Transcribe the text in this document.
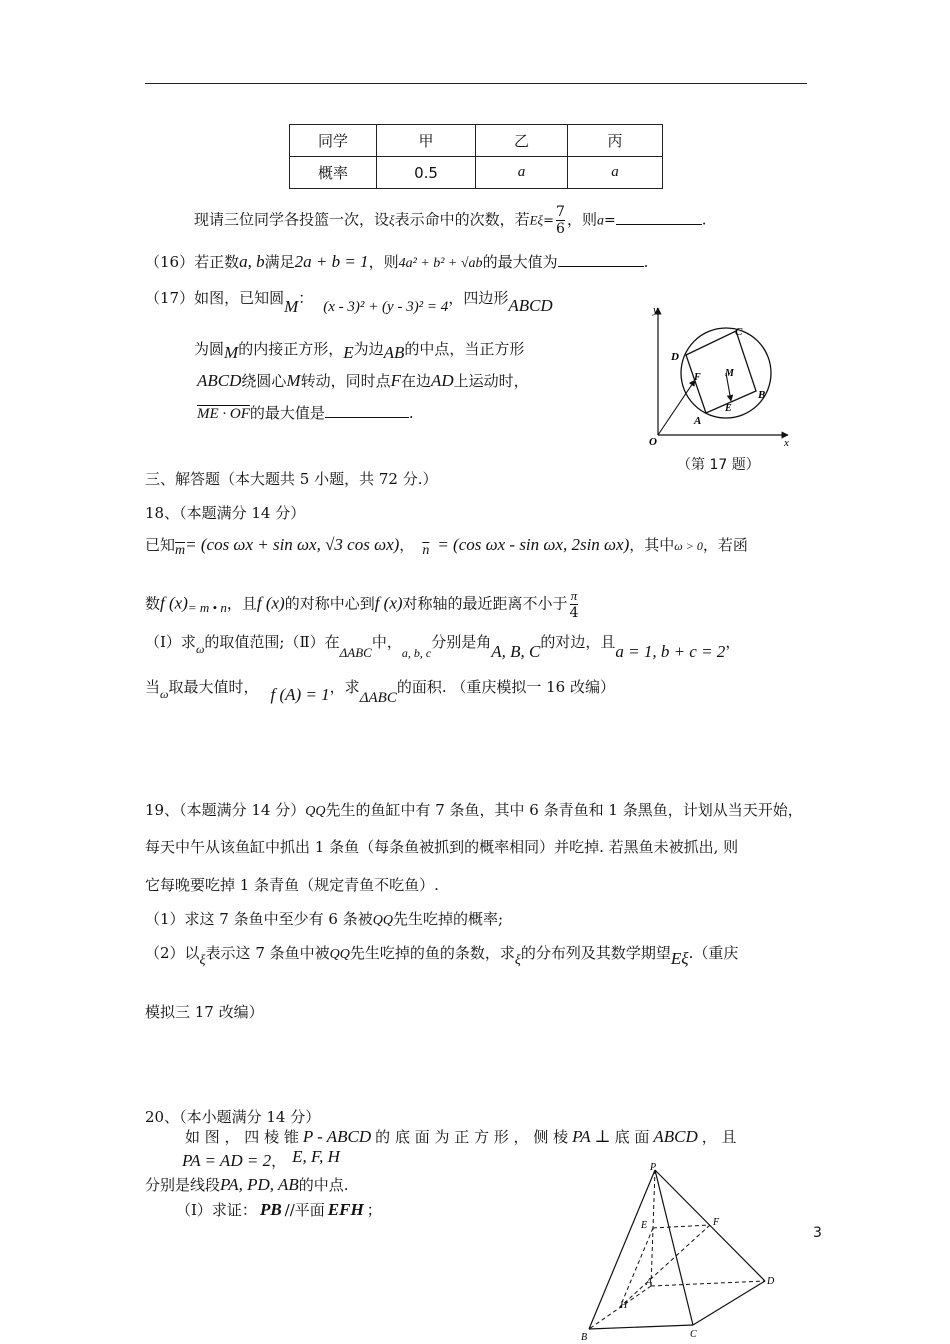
同学	甲	乙	丙
概率	0.5	a	a
现请三位同学各投篮一次，设ξ表示命中的次数，若$E\xi= \frac{7}{6}$ ，则a=	.
（16）若正数a, b满足2a + b = 1，则4a² + b² + √ab的最大值为	.
（17）如图，已知圆M： (x - 3)² + (y - 3)² = 4，四边形ABCD
为圆M的内接正方形，E为边AB的中点，当正方形
ABCD绕圆心M转动，同时点F在边AD上运动时，
ME · OF的最大值是	.
y
x
O
A
B
C
D
E
F M
（第 17 题）
三、解答题（本大题共 5 小题，共 72 分.）
18、（本题满分 14 分）
已知$\overline{m}= (\cos$ ωx + sin ωx, √3 cos ωx)， $\overline{n} = (\cos$ ωx - sin ωx, 2sin ωx)，其中ω > 0，若函
数f (x)= m • n，且f (x)的对称中心到f (x)对称轴的最近距离不小于 $\frac{\pi}{4}$
（Ⅰ）求$_\omega$的取值范围;（Ⅱ）在ΔABC中，$_{a, b, c}$分别是角A, B, C的对边，且a = 1, b + c = 2，
当$_\omega$取最大值时， f (A) = 1，求ΔABC的面积. （重庆模拟一 16 改编）
19、（本题满分 14 分）QQ先生的鱼缸中有 7 条鱼，其中 6 条青鱼和 1 条黑鱼，计划从当天开始，
每天中午从该鱼缸中抓出 1 条鱼（每条鱼被抓到的概率相同）并吃掉. 若黑鱼未被抓出, 则
它每晚要吃掉 1 条青鱼（规定青鱼不吃鱼）.
（1）求这 7 条鱼中至少有 6 条被QQ先生吃掉的概率;
（2）以ξ表示这 7 条鱼中被QQ先生吃掉的鱼的条数，求ξ的分布列及其数学期望Eξ.（重庆
模拟三 17 改编）
20、（本小题满分 14 分）
如 图 ， 四 棱 锥 P - ABCD 的 底 面 为 正 方 形 ， 侧 棱 PA ⊥ 底 面 ABCD ， 且
PA = AD = 2， E, F, H
分别是线段PA, PD, AB的中点.
（Ⅰ）求证： PB //平面 EFH ；
P
E	F
A	D
H
B	C
3
